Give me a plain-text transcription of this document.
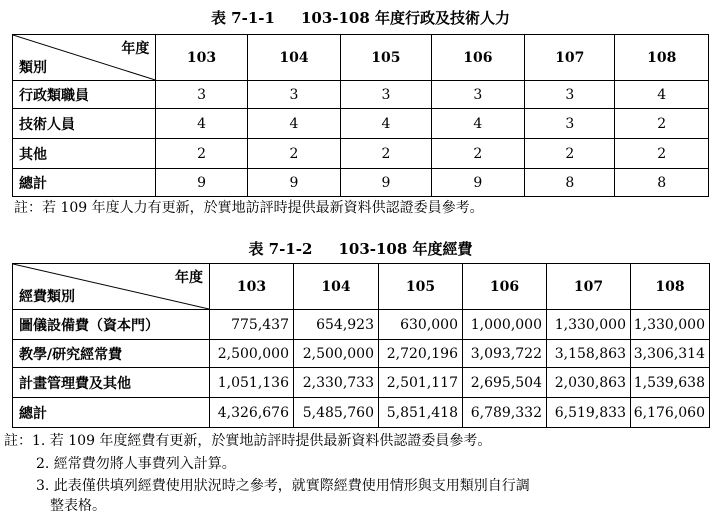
表 7-1-1 103-108 年度行政及技術人力
年度
類別	103	104	105	106	107	108
行政類職員	3	3	3	3	3	4
技術人員	4	4	4	4	3	2
其他	2	2	2	2	2	2
總計	9	9	9	9	8	8
註：若 109 年度人力有更新，於實地訪評時提供最新資料供認證委員參考。
表 7-1-2 103-108 年度經費
年度
經費類別	103	104	105	106	107	108
圖儀設備費（資本門）	775,437	654,923	630,000	1,000,000	1,330,000	1,330,000
教學/研究經常費	2,500,000	2,500,000	2,720,196	3,093,722	3,158,863	3,306,314
計畫管理費及其他	1,051,136	2,330,733	2,501,117	2,695,504	2,030,863	1,539,638
總計	4,326,676	5,485,760	5,851,418	6,789,332	6,519,833	6,176,060
註：1. 若 109 年度經費有更新，於實地訪評時提供最新資料供認證委員參考。
2. 經常費勿將人事費列入計算。
3. 此表僅供填列經費使用狀況時之參考，就實際經費使用情形與支用類別自行調
整表格。
